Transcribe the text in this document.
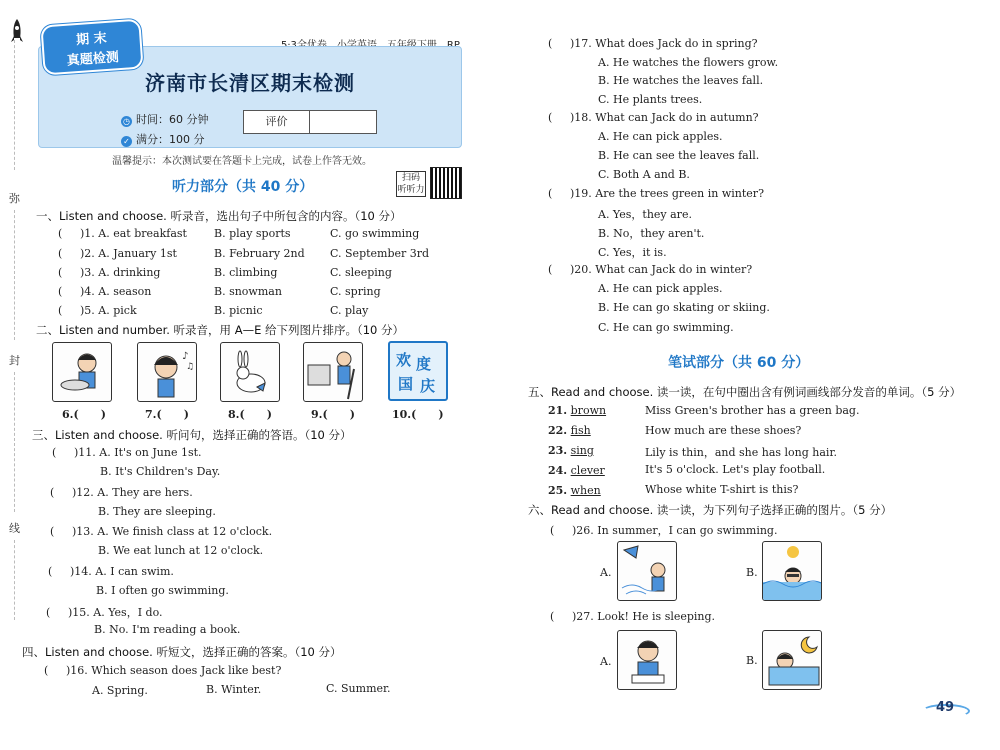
弥
封
线
济南市长清区期末检测
◷ 时间：60 分钟
✓ 满分：100 分
期 末
真题检测
评价
温馨提示：本次测试要在答题卡上完成，试卷上作答无效。
听力部分（共 40 分）
扫码 听听力
一、Listen and choose. 听录音，选出句子中所包含的内容。（10 分）
( )1. A. eat breakfast B. play sports	C. go swimming
( )2. A. January 1st	B. February 2nd C. September 3rd
( )3. A. drinking	B. climbing	C. sleeping
( )4. A. season	B. snowman	C. spring
( )5. A. pick	B. picnic	C. play
二、Listen and number. 听录音，用 A—E 给下列图片排序。（10 分）
♪
♫	欢 度
国 庆
6.(　　)	7.(　　)	8.(　　)	9.(　　)	10.(　　)
三、Listen and choose. 听问句，选择正确的答语。（10 分）
( )11. A. It's on June 1st.
B. It's Children's Day.
( )12. A. They are hers.
B. They are sleeping.
( )13. A. We finish class at 12 o'clock.
B. We eat lunch at 12 o'clock.
( )14. A. I can swim.
B. I often go swimming.
( )15. A. Yes，I do.
B. No. I'm reading a book.
四、Listen and choose. 听短文，选择正确的答案。（10 分）
( )16. Which season does Jack like best?
A. Spring.	B. Winter.	C. Summer.
( )17. What does Jack do in spring?
A. He watches the flowers grow.
B. He watches the leaves fall.
C. He plants trees.
( )18. What can Jack do in autumn?
A. He can pick apples.
B. He can see the leaves fall.
C. Both A and B.
( )19. Are the trees green in winter?
A. Yes，they are.
B. No，they aren't.
C. Yes，it is.
( )20. What can Jack do in winter?
A. He can pick apples.
B. He can go skating or skiing.
C. He can go swimming.
笔试部分（共 60 分）
五、Read and choose. 读一读，在句中圈出含有例词画线部分发音的单词。（5 分）
21. brown	Miss Green's brother has a green bag.
22. fish	How much are these shoes?
23. sing	Lily is thin，and she has long hair.
24. clever	It's 5 o'clock. Let's play football.
25. when	Whose white T-shirt is this?
六、Read and choose. 读一读，为下列句子选择正确的图片。（5 分）
( )26. In summer，I can go swimming.
A.	B.
( )27. Look! He is sleeping.
A.	B.
49
